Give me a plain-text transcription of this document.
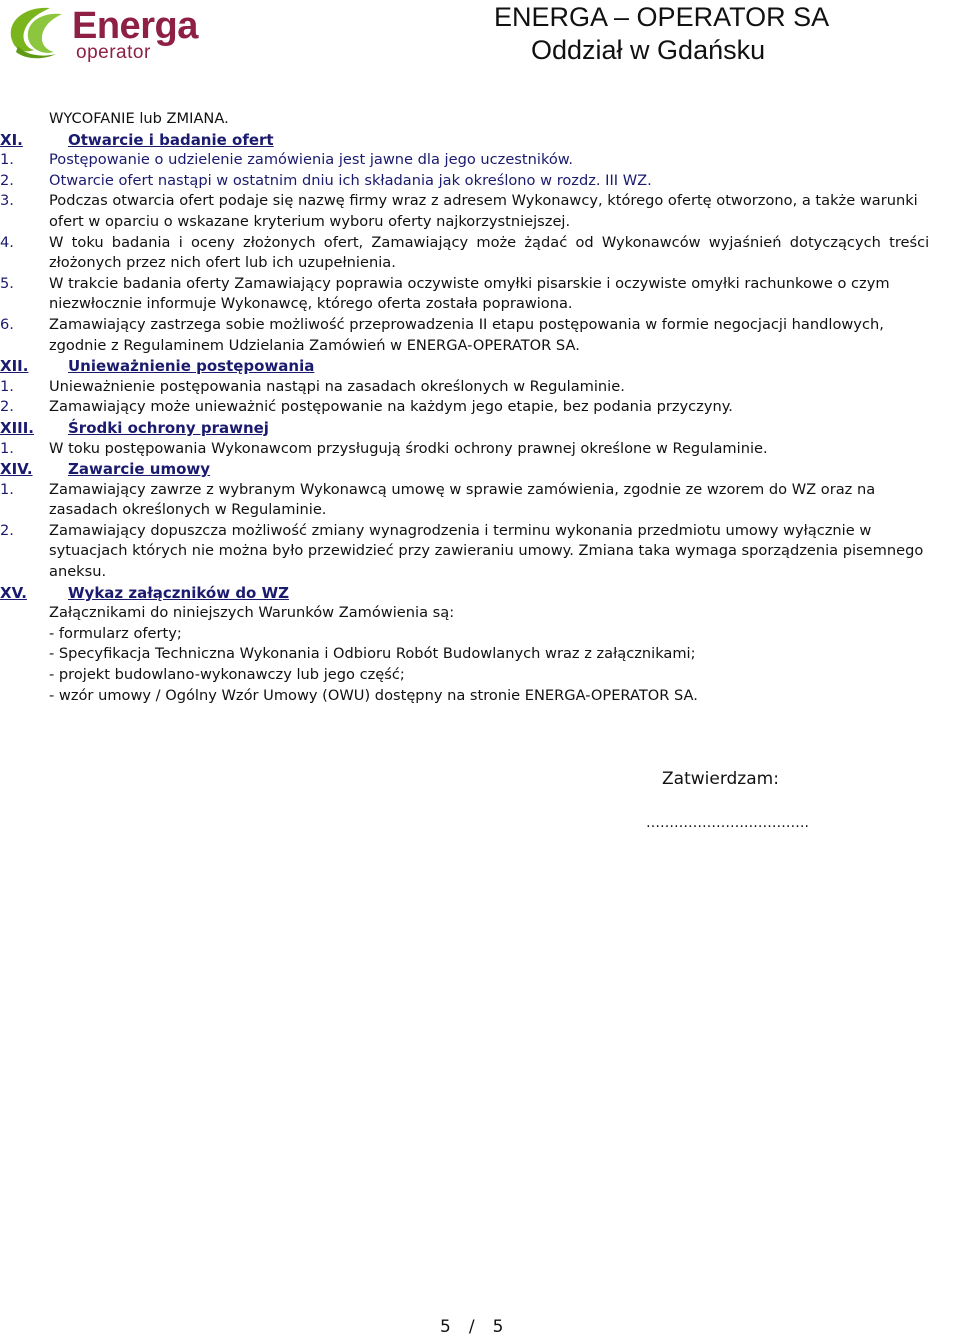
Energa
operator
ENERGA – OPERATOR SA
Oddział w Gdańsku
WYCOFANIE lub ZMIANA.
XI.	Otwarcie i badanie ofert
1.	Postępowanie o udzielenie zamówienia jest jawne dla jego uczestników.
2.	Otwarcie ofert nastąpi w ostatnim dniu ich składania jak określono w rozdz. III WZ.
3.	Podczas otwarcia ofert podaje się nazwę firmy wraz z adresem Wykonawcy, którego ofertę otworzono, a także warunki
ofert w oparciu o wskazane kryterium wyboru oferty najkorzystniejszej.
4.	W toku badania i oceny złożonych ofert, Zamawiający może żądać od Wykonawców wyjaśnień dotyczących treści
złożonych przez nich ofert lub ich uzupełnienia.
5.	W trakcie badania oferty Zamawiający poprawia oczywiste omyłki pisarskie i oczywiste omyłki rachunkowe o czym
niezwłocznie informuje Wykonawcę, którego oferta została poprawiona.
6.	Zamawiający zastrzega sobie możliwość przeprowadzenia II etapu postępowania w formie negocjacji handlowych,
zgodnie z Regulaminem Udzielania Zamówień w ENERGA-OPERATOR SA.
XII.	Unieważnienie postępowania
1.	Unieważnienie postępowania nastąpi na zasadach określonych w Regulaminie.
2.	Zamawiający może unieważnić postępowanie na każdym jego etapie, bez podania przyczyny.
XIII.	Środki ochrony prawnej
1.	W toku postępowania Wykonawcom przysługują środki ochrony prawnej określone w Regulaminie.
XIV.	Zawarcie umowy
1.	Zamawiający zawrze z wybranym Wykonawcą umowę w sprawie zamówienia, zgodnie ze wzorem do WZ oraz na
zasadach określonych w Regulaminie.
2.	Zamawiający dopuszcza możliwość zmiany wynagrodzenia i terminu wykonania przedmiotu umowy wyłącznie w
sytuacjach których nie można było przewidzieć przy zawieraniu umowy. Zmiana taka wymaga sporządzenia pisemnego
aneksu.
XV.	Wykaz załączników do WZ
Załącznikami do niniejszych Warunków Zamówienia są:
- formularz oferty;
- Specyfikacja Techniczna Wykonania i Odbioru Robót Budowlanych wraz z załącznikami;
- projekt budowlano-wykonawczy lub jego część;
- wzór umowy / Ogólny Wzór Umowy (OWU) dostępny na stronie ENERGA-OPERATOR SA.
Zatwierdzam:
………………….………….
5 / 5
